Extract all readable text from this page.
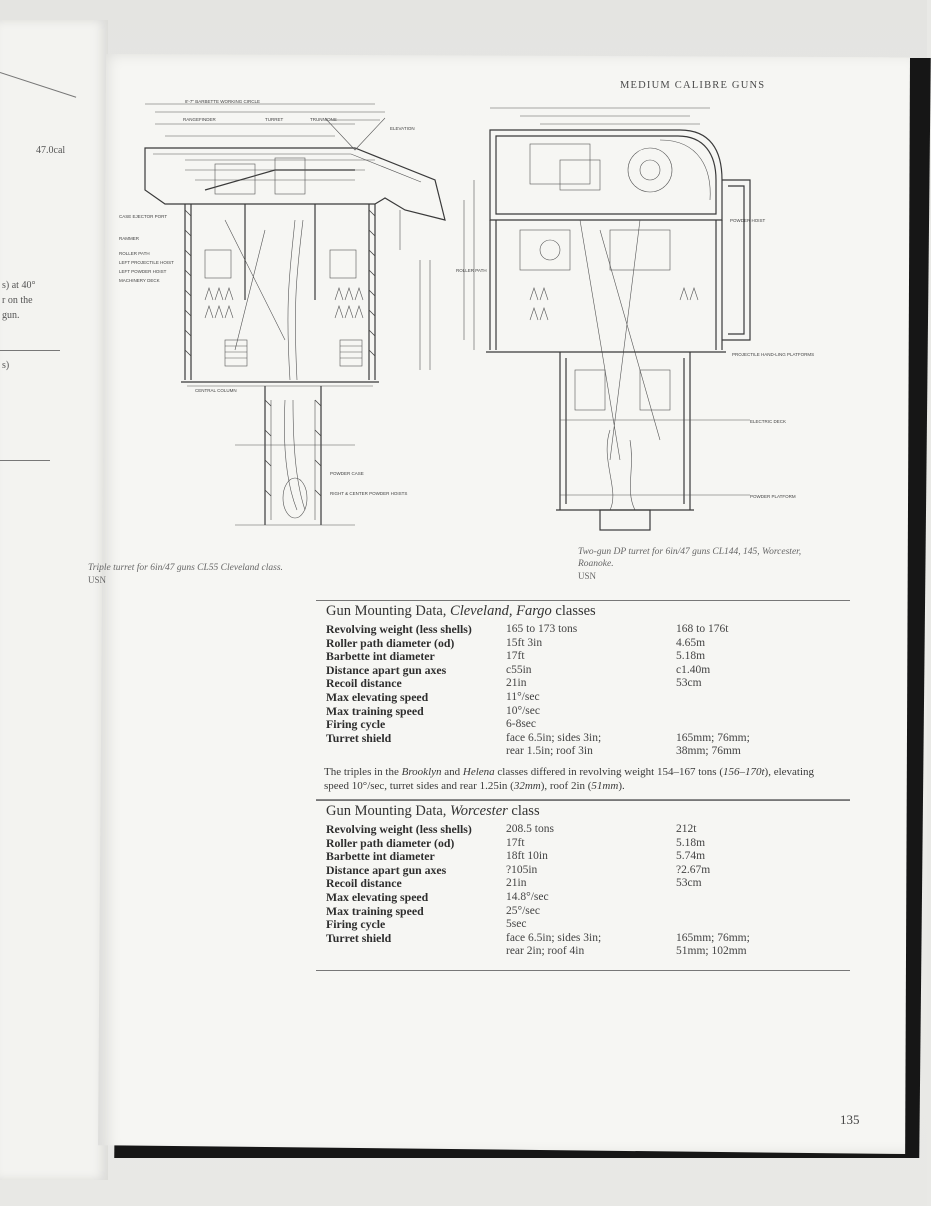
47.0cal
s) at 40°
r on the
gun.
s)
MEDIUM CALIBRE GUNS
8'-7" BARBETTE WORKING CIRCLE
RANGEFINDER	TURRET	TRUNNIONS
ELEVATION
CASE EJECTOR PORT
RAMMER
ROLLER PATH
LEFT PROJECTILE HOIST
LEFT POWDER HOIST
MACHINERY DECK
CENTRAL COLUMN
POWDER CASE
RIGHT & CENTER POWDER HOISTS
POWDER HOIST
ROLLER PATH
PROJECTILE HAND-LING PLATFORMS
ELECTRIC DECK
POWDER PLATFORM
Triple turret for 6in/47 guns CL55 Cleveland class.
USN
Two-gun DP turret for 6in/47 guns CL144, 145, Worcester, Roanoke.
USN
Gun Mounting Data, Cleveland, Fargo classes
Revolving weight (less shells)	165 to 173 tons	168 to 176t
Roller path diameter (od)	15ft 3in	4.65m
Barbette int diameter	17ft	5.18m
Distance apart gun axes	c55in	c1.40m
Recoil distance	21in	53cm
Max elevating speed	11°/sec	
Max training speed	10°/sec	
Firing cycle	6-8sec	
Turret shield	face 6.5in; sides 3in;	165mm; 76mm;
	rear 1.5in; roof 3in	38mm; 76mm
The triples in the Brooklyn and Helena classes differed in revolving weight 154–167 tons (156–170t), elevating speed 10°/sec, turret sides and rear 1.25in (32mm), roof 2in (51mm).
Gun Mounting Data, Worcester class
Revolving weight (less shells)	208.5 tons	212t
Roller path diameter (od)	17ft	5.18m
Barbette int diameter	18ft 10in	5.74m
Distance apart gun axes	?105in	?2.67m
Recoil distance	21in	53cm
Max elevating speed	14.8°/sec	
Max training speed	25°/sec	
Firing cycle	5sec	
Turret shield	face 6.5in; sides 3in;	165mm; 76mm;
	rear 2in; roof 4in	51mm; 102mm
135
